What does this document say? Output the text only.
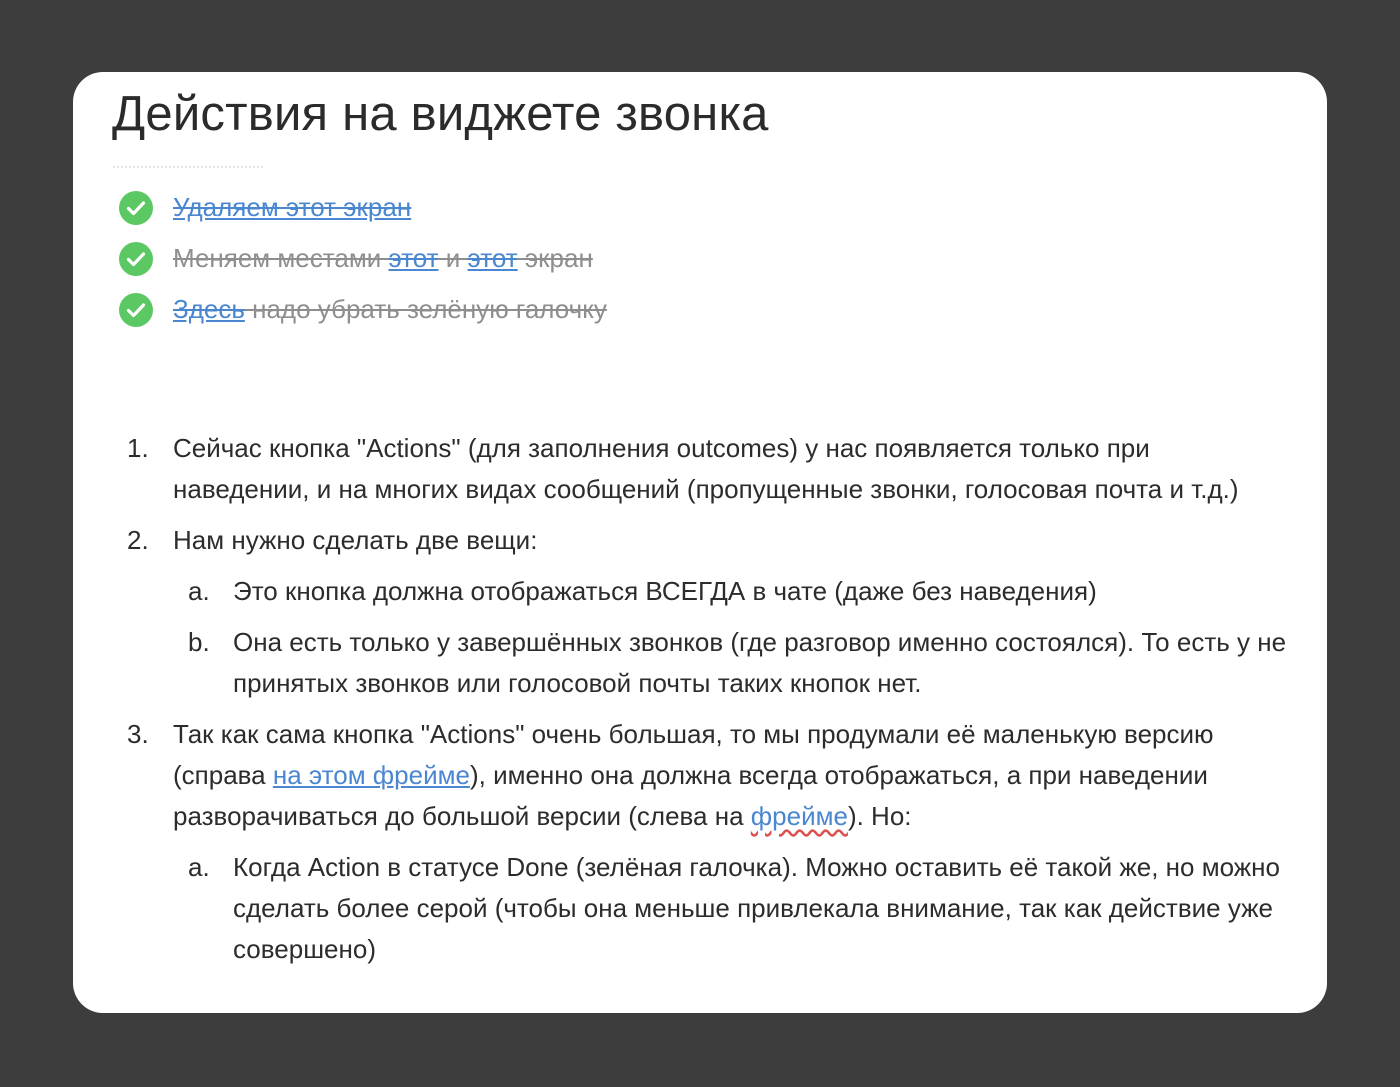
Действия на виджете звонка
Удаляем этот экран
Меняем местами этот и этот экран
Здесь надо убрать зелёную галочку
1. Сейчас кнопка "Actions" (для заполнения outcomes) у нас появляется только при наведении, и на многих видах сообщений (пропущенные звонки, голосовая почта и т.д.)
2. Нам нужно сделать две вещи:
a. Это кнопка должна отображаться ВСЕГДА в чате (даже без наведения)
b. Она есть только у завершённых звонков (где разговор именно состоялся). То есть у не принятых звонков или голосовой почты таких кнопок нет.
3. Так как сама кнопка "Actions" очень большая, то мы продумали её маленькую версию (справа на этом фрейме), именно она должна всегда отображаться, а при наведении разворачиваться до большой версии (слева на фрейме). Но:
a. Когда Action в статусе Done (зелёная галочка). Можно оставить её такой же, но можно сделать более серой (чтобы она меньше привлекала внимание, так как действие уже совершено)
